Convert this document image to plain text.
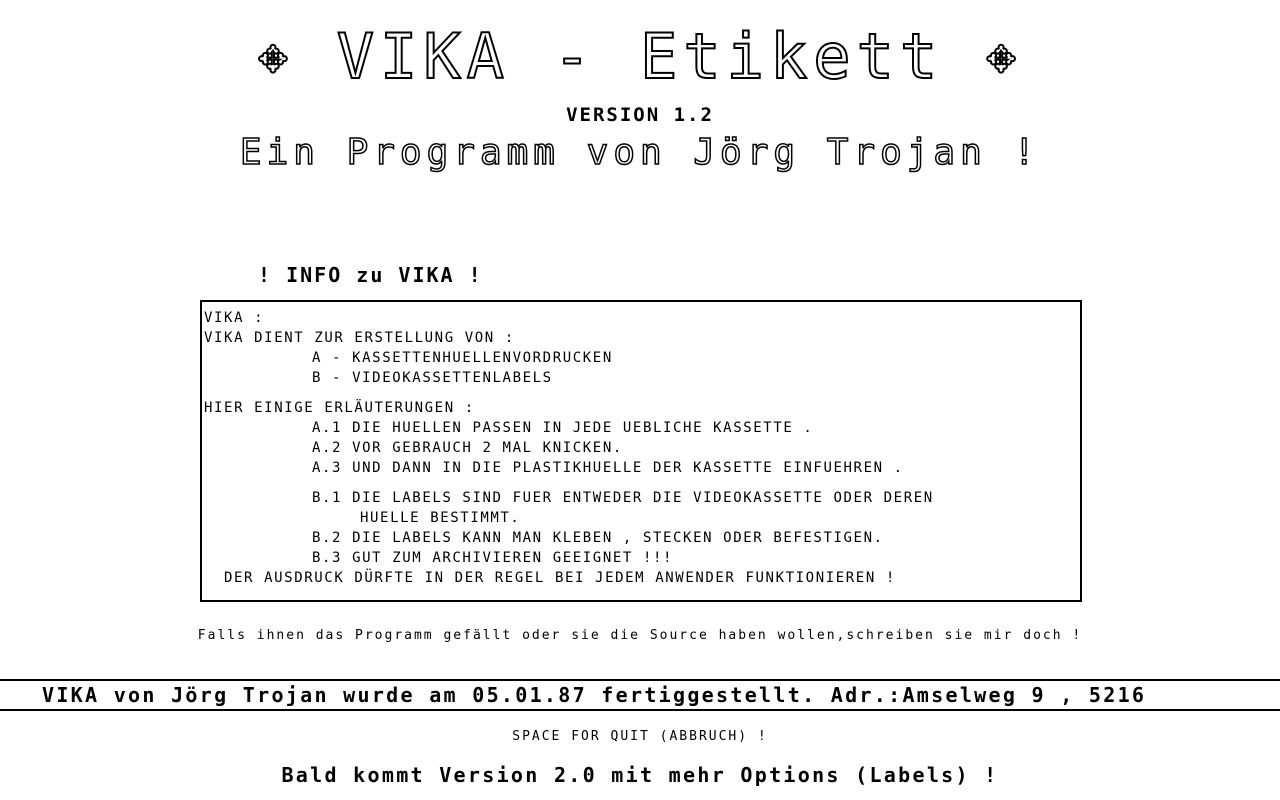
✥ VIKA - Etikett ✥
VERSION 1.2
Ein Programm von Jörg Trojan !
! INFO zu VIKA !
VIKA :
VIKA DIENT ZUR ERSTELLUNG VON :
A - KASSETTENHUELLENVORDRUCKEN
B - VIDEOKASSETTENLABELS
HIER EINIGE ERLÄUTERUNGEN :
A.1 DIE HUELLEN PASSEN IN JEDE UEBLICHE KASSETTE .
A.2 VOR GEBRAUCH 2 MAL KNICKEN.
A.3 UND DANN IN DIE PLASTIKHUELLE DER KASSETTE EINFUEHREN .
B.1 DIE LABELS SIND FUER ENTWEDER DIE VIDEOKASSETTE ODER DEREN
HUELLE BESTIMMT.
B.2 DIE LABELS KANN MAN KLEBEN , STECKEN ODER BEFESTIGEN.
B.3 GUT ZUM ARCHIVIEREN GEEIGNET !!!
DER AUSDRUCK DÜRFTE IN DER REGEL BEI JEDEM ANWENDER FUNKTIONIEREN !
Falls ihnen das Programm gefällt oder sie die Source haben wollen,schreiben sie mir doch !
VIKA von Jörg Trojan wurde am 05.01.87 fertiggestellt. Adr.:Amselweg 9 , 5216
SPACE FOR QUIT (ABBRUCH) !
Bald kommt Version 2.0 mit mehr Options (Labels) !
